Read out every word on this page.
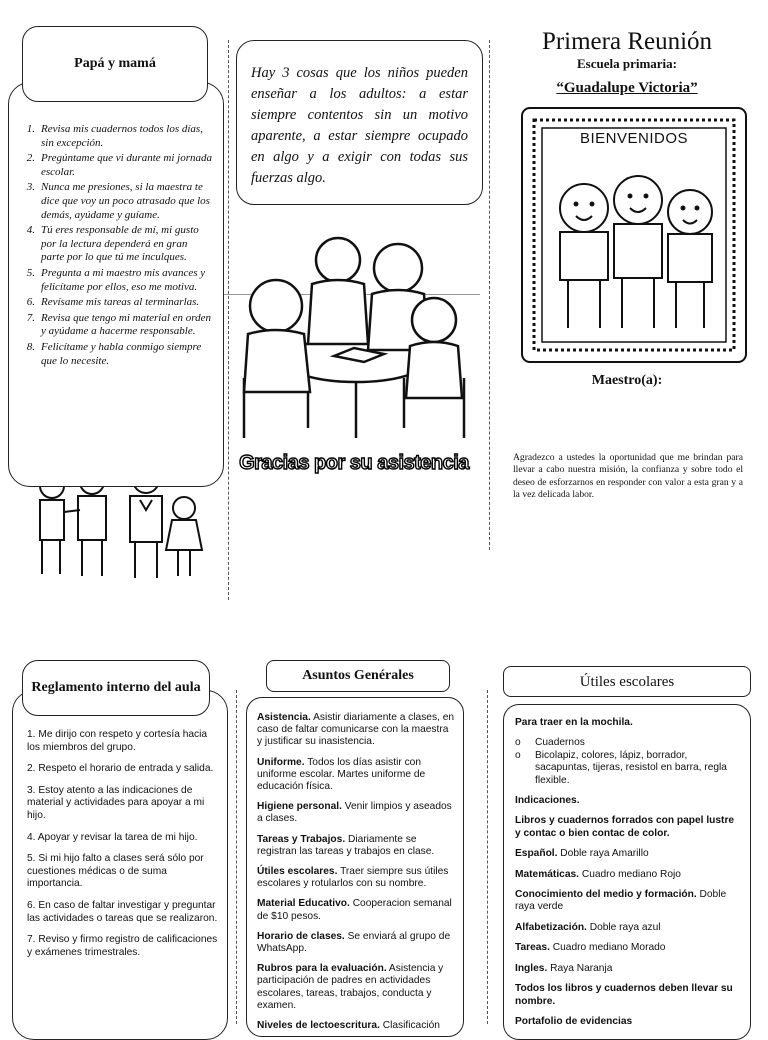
Papá y mamá
1. Revisa mis cuadernos todos los días, sin excepción.
2. Pregúntame que vi durante mi jornada escolar.
3. Nunca me presiones, si la maestra te dice que voy un poco atrasado que los demás, ayúdame y guíame.
4. Tú eres responsable de mí, mi gusto por la lectura dependerá en gran parte por lo que tú me inculques.
5. Pregunta a mi maestro mis avances y felicítame por ellos, eso me motiva.
6. Revísame mis tareas al terminarlas.
7. Revisa que tengo mi material en orden y ayúdame a hacerme responsable.
8. Felicítame y habla conmigo siempre que lo necesite.
Hay 3 cosas que los niños pueden enseñar a los adultos: a estar siempre contentos sin un motivo aparente, a estar siempre ocupado en algo y a exigir con todas sus fuerzas algo.
Gracias por su asistencia
Primera Reunión
Escuela primaria:
“Guadalupe Victoria”
BIENVENIDOS
Maestro(a):
Agradezco a ustedes la oportunidad que me brindan para llevar a cabo nuestra misión, la confianza y sobre todo el deseo de esforzarnos en responder con valor a esta gran y a la vez delicada labor.
Reglamento interno del aula
1. Me dirijo con respeto y cortesía hacia los miembros del grupo.
2. Respeto el horario de entrada y salida.
3. Estoy atento a las indicaciones de material y actividades para apoyar a mi hijo.
4. Apoyar y revisar la tarea de mi hijo.
5. Si mi hijo falto a clases será sólo por cuestiones médicas o de suma importancia.
6. En caso de faltar investigar y preguntar las actividades o tareas que se realizaron.
7. Reviso y firmo registro de calificaciones y exámenes trimestrales.
Asuntos Genérales

Asistencia. Asistir diariamente a clases, en caso de faltar comunicarse con la maestra y justificar su inasistencia.

Uniforme. Todos los días asistir con uniforme escolar. Martes uniforme de educación física.

Higiene personal. Venir limpios y aseados a clases.

Tareas y Trabajos. Diariamente se registran las tareas y trabajos en clase.

Útiles escolares. Traer siempre sus útiles escolares y rotularlos con su nombre.

Material Educativo. Cooperacion semanal de $10 pesos.

Horario de clases. Se enviará al grupo de WhatsApp.

Rubros para la evaluación. Asistencia y participación de padres en actividades escolares, tareas, trabajos, conducta y examen.

Niveles de lectoescritura. Clasificación

Útiles escolares
Para traer en la mochila.
o	Cuadernos
o	Bicolapiz, colores, lápiz, borrador, sacapuntas, tijeras, resistol en barra, regla flexible.
Indicaciones.
Libros y cuadernos forrados con papel lustre y contac o bien contac de color.
Español. Doble raya Amarillo
Matemáticas. Cuadro mediano Rojo
Conocimiento del medio y formación. Doble raya verde
Alfabetización. Doble raya azul
Tareas. Cuadro mediano Morado
Ingles. Raya Naranja
Todos los libros y cuadernos deben llevar su nombre.
Portafolio de evidencias
